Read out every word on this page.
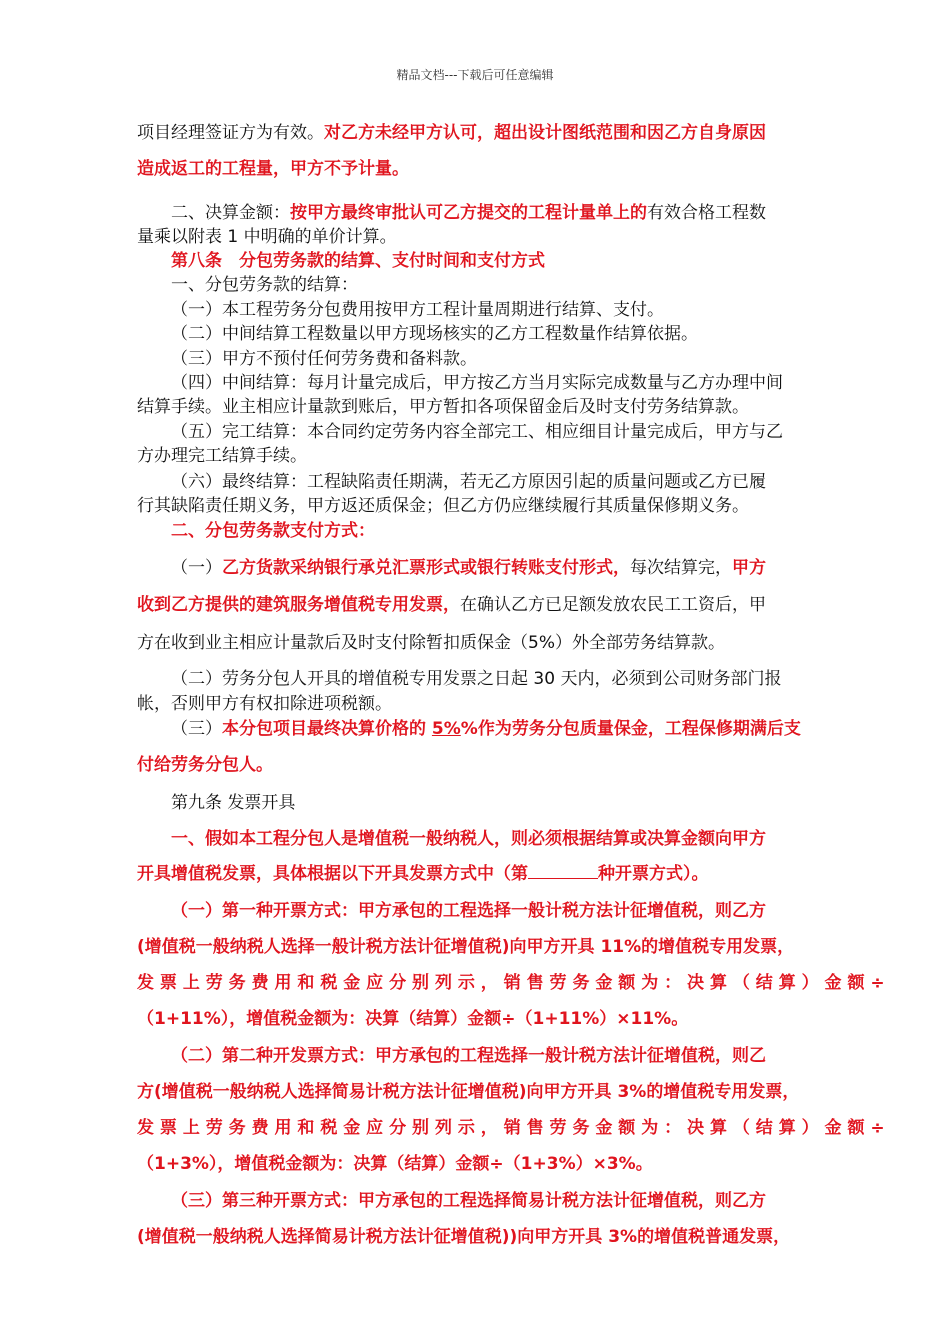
精品文档---下载后可任意编辑
项目经理签证方为有效。对乙方未经甲方认可，超出设计图纸范围和因乙方自身原因
造成返工的工程量，甲方不予计量。
二、决算金额：按甲方最终审批认可乙方提交的工程计量单上的有效合格工程数
量乘以附表 1 中明确的单价计算。
第八条　分包劳务款的结算、支付时间和支付方式
一、分包劳务款的结算：
（一）本工程劳务分包费用按甲方工程计量周期进行结算、支付。
（二）中间结算工程数量以甲方现场核实的乙方工程数量作结算依据。
（三）甲方不预付任何劳务费和备料款。
（四）中间结算：每月计量完成后，甲方按乙方当月实际完成数量与乙方办理中间
结算手续。业主相应计量款到账后，甲方暂扣各项保留金后及时支付劳务结算款。
（五）完工结算：本合同约定劳务内容全部完工、相应细目计量完成后，甲方与乙
方办理完工结算手续。
（六）最终结算：工程缺陷责任期满，若无乙方原因引起的质量问题或乙方已履
行其缺陷责任期义务，甲方返还质保金；但乙方仍应继续履行其质量保修期义务。
二、分包劳务款支付方式：
（一）乙方货款采纳银行承兑汇票形式或银行转账支付形式，每次结算完，甲方
收到乙方提供的建筑服务增值税专用发票，在确认乙方已足额发放农民工工资后，甲
方在收到业主相应计量款后及时支付除暂扣质保金（5%）外全部劳务结算款。
（二）劳务分包人开具的增值税专用发票之日起 30 天内，必须到公司财务部门报
帐，否则甲方有权扣除进项税额。
（三）本分包项目最终决算价格的 5%%作为劳务分包质量保金，工程保修期满后支
付给劳务分包人。
第九条 发票开具
一、假如本工程分包人是增值税一般纳税人，则必须根据结算或决算金额向甲方
开具增值税发票，具体根据以下开具发票方式中（第	种开票方式）。
（一）第一种开票方式：甲方承包的工程选择一般计税方法计征增值税，则乙方
(增值税一般纳税人选择一般计税方法计征增值税)向甲方开具 11%的增值税专用发票，
发 票 上 劳 务 费 用 和 税 金 应 分 别 列 示 ， 销 售 劳 务 金 额 为 ： 决 算 （ 结 算 ） 金 额 ÷
（1+11%），增值税金额为：决算（结算）金额÷（1+11%）×11%。
（二）第二种开发票方式：甲方承包的工程选择一般计税方法计征增值税，则乙
方(增值税一般纳税人选择简易计税方法计征增值税)向甲方开具 3%的增值税专用发票，
发 票 上 劳 务 费 用 和 税 金 应 分 别 列 示 ， 销 售 劳 务 金 额 为 ： 决 算 （ 结 算 ） 金 额 ÷
（1+3%），增值税金额为：决算（结算）金额÷（1+3%）×3%。
（三）第三种开票方式：甲方承包的工程选择简易计税方法计征增值税，则乙方
(增值税一般纳税人选择简易计税方法计征增值税))向甲方开具 3%的增值税普通发票，
